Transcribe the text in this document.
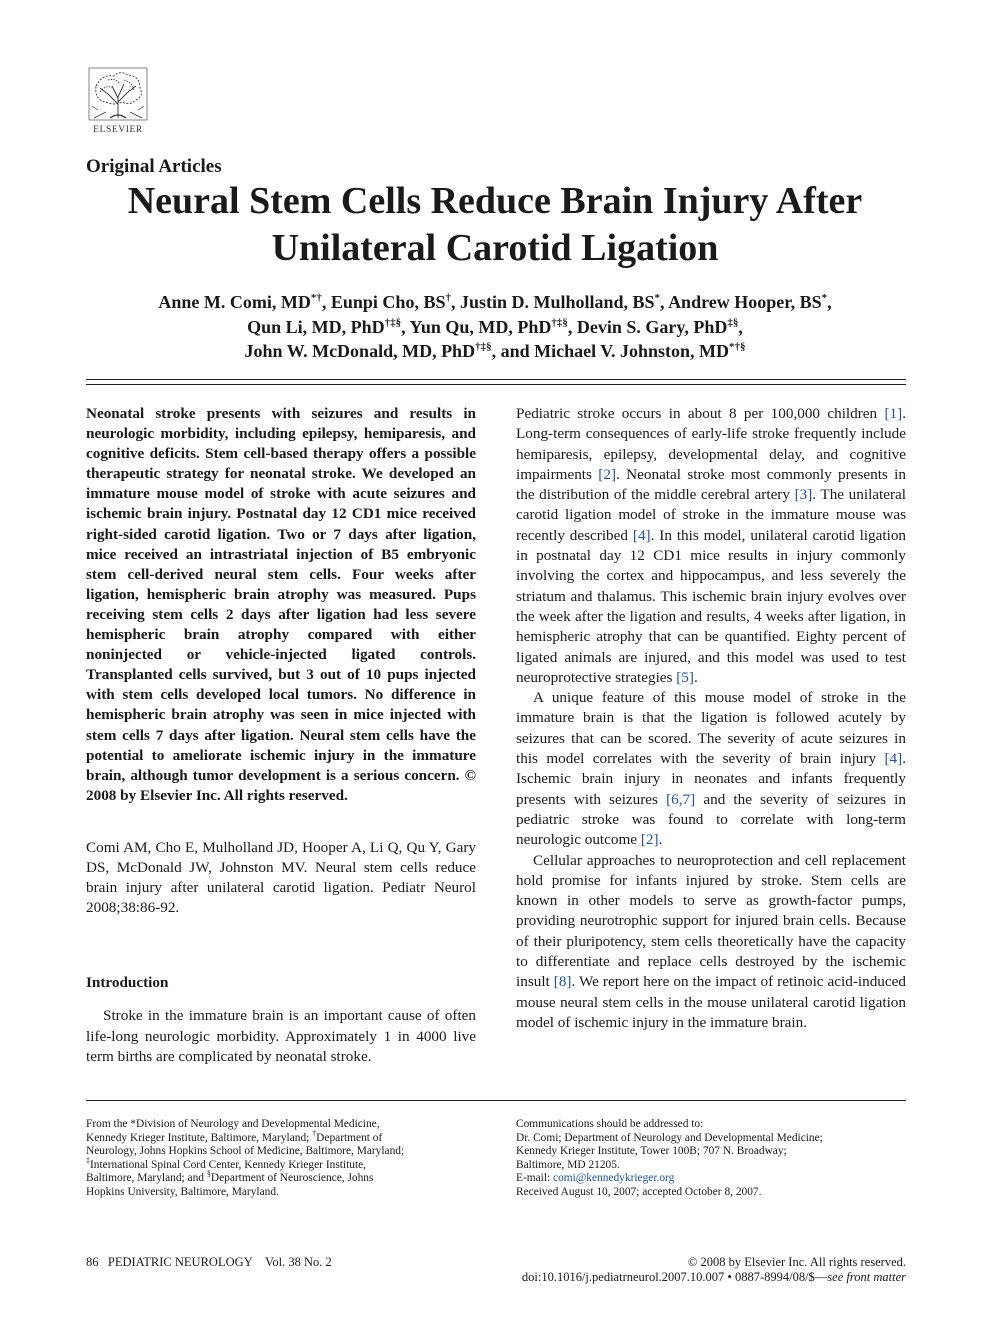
ELSEVIER

Original Articles

Neural Stem Cells Reduce Brain Injury After Unilateral Carotid Ligation

Anne M. Comi, MD*†, Eunpi Cho, BS†, Justin D. Mulholland, BS*, Andrew Hooper, BS*,
Qun Li, MD, PhD†‡§, Yun Qu, MD, PhD†‡§, Devin S. Gary, PhD‡§,
John W. McDonald, MD, PhD†‡§, and Michael V. Johnston, MD*†§

Neonatal stroke presents with seizures and results in neurologic morbidity, including epilepsy, hemiparesis, and cognitive deficits. Stem cell-based therapy offers a possible therapeutic strategy for neonatal stroke. We developed an immature mouse model of stroke with acute seizures and ischemic brain injury. Postnatal day 12 CD1 mice received right-sided carotid ligation. Two or 7 days after ligation, mice received an intrastriatal injection of B5 embryonic stem cell-derived neural stem cells. Four weeks after ligation, hemispheric brain atrophy was measured. Pups receiving stem cells 2 days after ligation had less severe hemispheric brain atrophy compared with either noninjected or vehicle-injected ligated controls. Transplanted cells survived, but 3 out of 10 pups injected with stem cells developed local tumors. No difference in hemispheric brain atrophy was seen in mice injected with stem cells 7 days after ligation. Neural stem cells have the potential to ameliorate ischemic injury in the immature brain, although tumor development is a serious concern. © 2008 by Elsevier Inc. All rights reserved.

Comi AM, Cho E, Mulholland JD, Hooper A, Li Q, Qu Y, Gary DS, McDonald JW, Johnston MV. Neural stem cells reduce brain injury after unilateral carotid ligation. Pediatr Neurol 2008;38:86-92.

Introduction

Stroke in the immature brain is an important cause of often life-long neurologic morbidity. Approximately 1 in 4000 live term births are complicated by neonatal stroke.

Pediatric stroke occurs in about 8 per 100,000 children [1]. Long-term consequences of early-life stroke frequently include hemiparesis, epilepsy, developmental delay, and cognitive impairments [2]. Neonatal stroke most commonly presents in the distribution of the middle cerebral artery [3]. The unilateral carotid ligation model of stroke in the immature mouse was recently described [4]. In this model, unilateral carotid ligation in postnatal day 12 CD1 mice results in injury commonly involving the cortex and hippocampus, and less severely the striatum and thalamus. This ischemic brain injury evolves over the week after the ligation and results, 4 weeks after ligation, in hemispheric atrophy that can be quantified. Eighty percent of ligated animals are injured, and this model was used to test neuroprotective strategies [5].

A unique feature of this mouse model of stroke in the immature brain is that the ligation is followed acutely by seizures that can be scored. The severity of acute seizures in this model correlates with the severity of brain injury [4]. Ischemic brain injury in neonates and infants frequently presents with seizures [6,7] and the severity of seizures in pediatric stroke was found to correlate with long-term neurologic outcome [2].

Cellular approaches to neuroprotection and cell replacement hold promise for infants injured by stroke. Stem cells are known in other models to serve as growth-factor pumps, providing neurotrophic support for injured brain cells. Because of their pluripotency, stem cells theoretically have the capacity to differentiate and replace cells destroyed by the ischemic insult [8]. We report here on the impact of retinoic acid-induced mouse neural stem cells in the mouse unilateral carotid ligation model of ischemic injury in the immature brain.

From the *Division of Neurology and Developmental Medicine,
Kennedy Krieger Institute, Baltimore, Maryland; †Department of
Neurology, Johns Hopkins School of Medicine, Baltimore, Maryland;
‡International Spinal Cord Center, Kennedy Krieger Institute,
Baltimore, Maryland; and §Department of Neuroscience, Johns
Hopkins University, Baltimore, Maryland.

Communications should be addressed to:

Dr. Comi; Department of Neurology and Developmental Medicine;

Kennedy Krieger Institute, Tower 100B; 707 N. Broadway;

Baltimore, MD 21205.

E-mail: comi@kennedykrieger.org

Received August 10, 2007; accepted October 8, 2007.

86 PEDIATRIC NEUROLOGY Vol. 38 No. 2	© 2008 by Elsevier Inc. All rights reserved.
doi:10.1016/j.pediatrneurol.2007.10.007 • 0887-8994/08/$—see front matter
